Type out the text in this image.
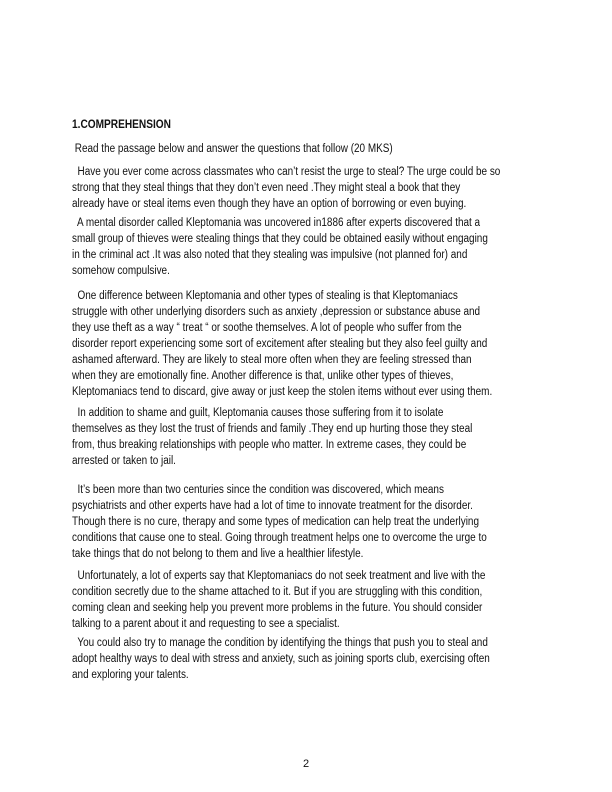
1.COMPREHENSION
Read the passage below and answer the questions that follow (20 MKS)
Have you ever come across classmates who can’t resist the urge to steal? The urge could be so
strong that they steal things that they don’t even need .They might steal a book that they
already have or steal items even though they have an option of borrowing or even buying.
A mental disorder called Kleptomania was uncovered in1886 after experts discovered that a
small group of thieves were stealing things that they could be obtained easily without engaging
in the criminal act .It was also noted that they stealing was impulsive (not planned for) and
somehow compulsive.
One difference between Kleptomania and other types of stealing is that Kleptomaniacs
struggle with other underlying disorders such as anxiety ,depression or substance abuse and
they use theft as a way “ treat “ or soothe themselves. A lot of people who suffer from the
disorder report experiencing some sort of excitement after stealing but they also feel guilty and
ashamed afterward. They are likely to steal more often when they are feeling stressed than
when they are emotionally fine. Another difference is that, unlike other types of thieves,
Kleptomaniacs tend to discard, give away or just keep the stolen items without ever using them.
In addition to shame and guilt, Kleptomania causes those suffering from it to isolate
themselves as they lost the trust of friends and family .They end up hurting those they steal
from, thus breaking relationships with people who matter. In extreme cases, they could be
arrested or taken to jail.
It’s been more than two centuries since the condition was discovered, which means
psychiatrists and other experts have had a lot of time to innovate treatment for the disorder.
Though there is no cure, therapy and some types of medication can help treat the underlying
conditions that cause one to steal. Going through treatment helps one to overcome the urge to
take things that do not belong to them and live a healthier lifestyle.
Unfortunately, a lot of experts say that Kleptomaniacs do not seek treatment and live with the
condition secretly due to the shame attached to it. But if you are struggling with this condition,
coming clean and seeking help you prevent more problems in the future. You should consider
talking to a parent about it and requesting to see a specialist.
You could also try to manage the condition by identifying the things that push you to steal and
adopt healthy ways to deal with stress and anxiety, such as joining sports club, exercising often
and exploring your talents.
2
